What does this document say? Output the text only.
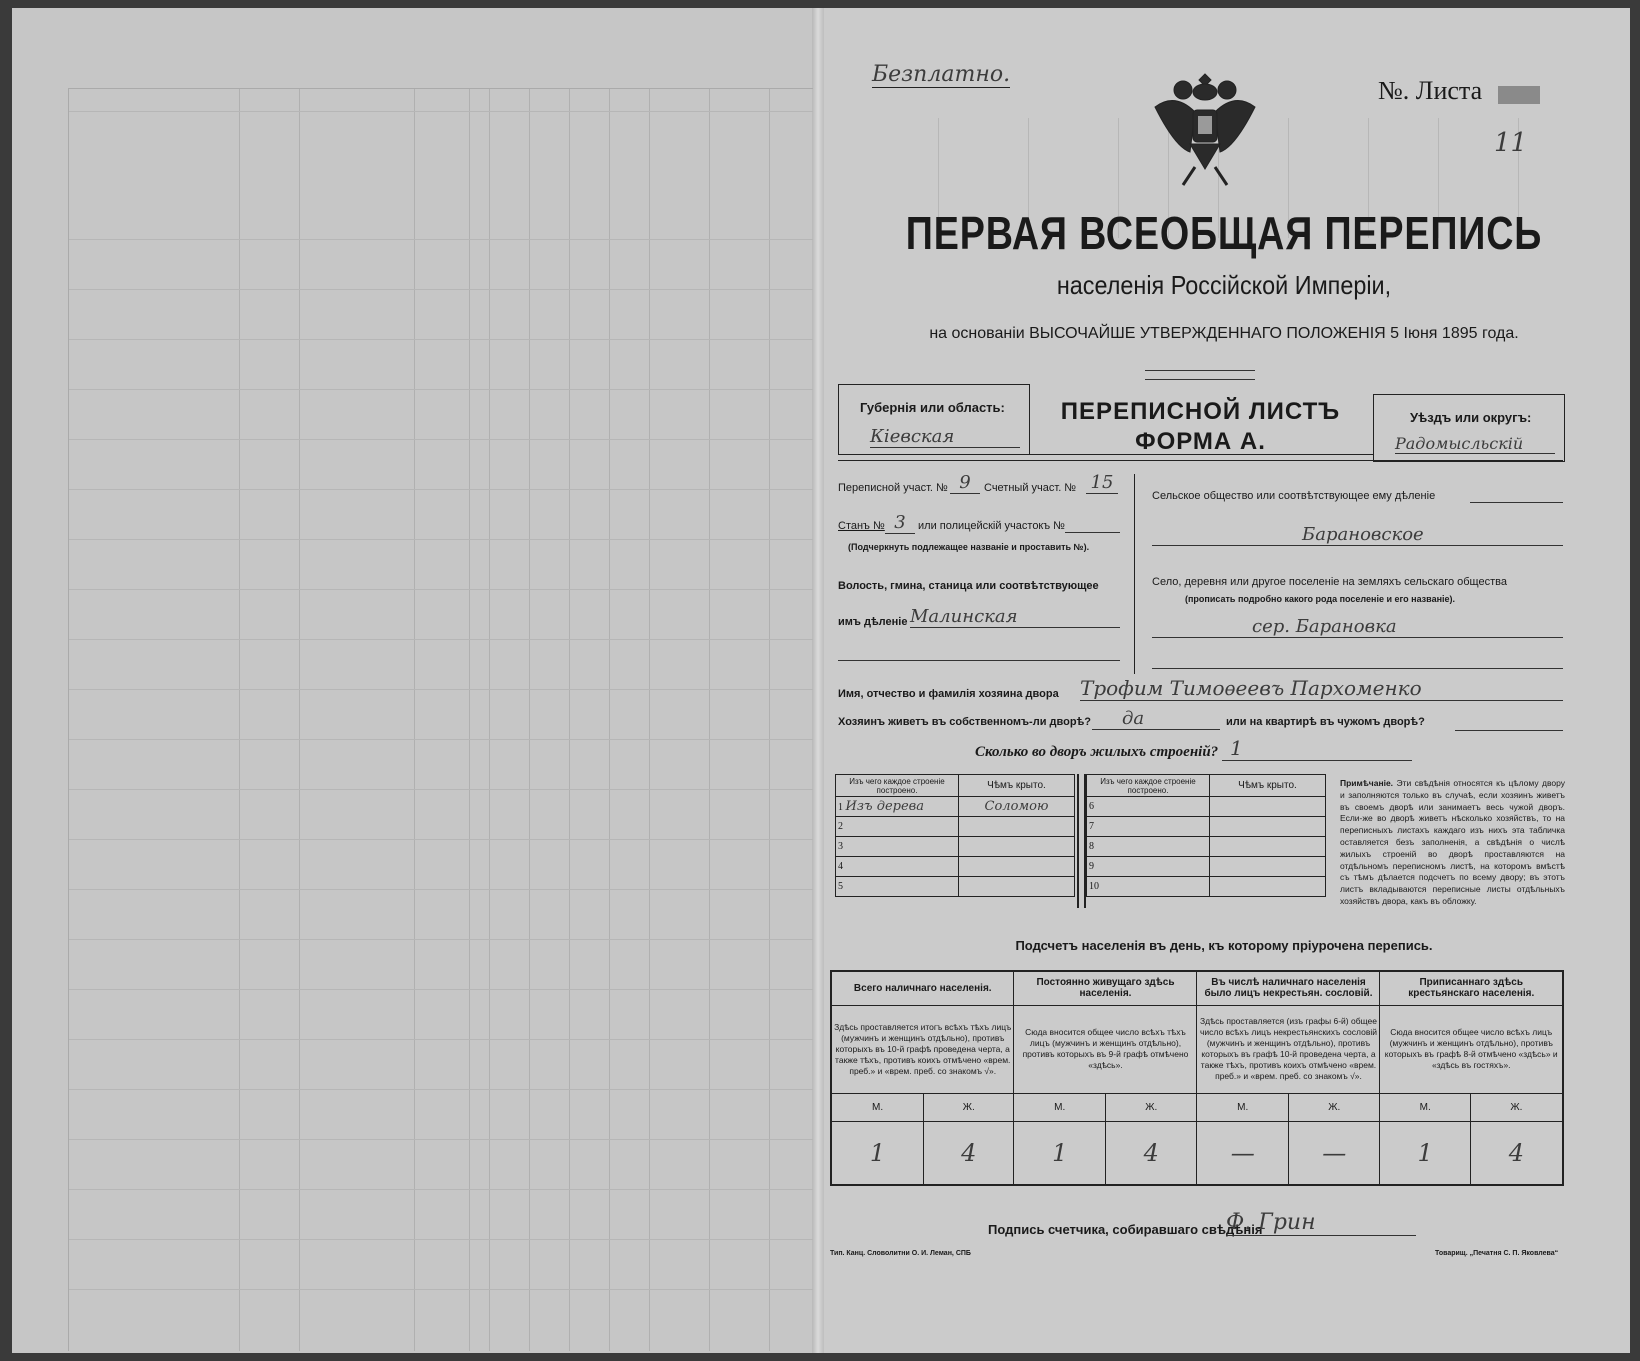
Безплатно.
№. Листа
11
ПЕРВАЯ ВСЕОБЩАЯ ПЕРЕПИСЬ
населенія Россійской Имперіи,
на основаніи ВЫСОЧАЙШЕ УТВЕРЖДЕННАГО ПОЛОЖЕНІЯ 5 Іюня 1895 года.
Губернія или область:
Кіевская
ПЕРЕПИСНОЙ ЛИСТЪ
ФОРМА А.
Уѣздъ или округъ:
Радомысльскій
Переписной участ. № 9	Счетный участ. № 15
Станъ № 3	или полицейскій участокъ №
(Подчеркнуть подлежащее названіе и проставить №).
Волость, гмина, станица или соотвѣтствующее
имъ дѣленіе Малинская
Сельское общество или соотвѣтствующее ему дѣленіе
Барановское
Село, деревня или другое поселеніе на земляхъ сельскаго общества
(прописать подробно какого рода поселеніе и его названіе).
сер. Барановка
Имя, отчество и фамилія хозяина двора Трофим Тимоѳеевъ Пархоменко
Хозяинъ живетъ въ собственномъ-ли дворѣ?	да	или на квартирѣ въ чужомъ дворѣ?
Сколько во дворъ жилыхъ строеній? 1
Изъ чего каждое строеніе построено.	Чѣмъ крыто.
1 Изъ дерева	Соломою
2	
3	
4	
5	
Изъ чего каждое строеніе построено.	Чѣмъ крыто.
6	
7	
8	
9	
10	
Примѣчаніе. Эти свѣдѣнія относятся къ цѣлому двору и заполняются только въ случаѣ, если хозяинъ живетъ въ своемъ дворѣ или занимаетъ весь чужой дворъ. Если-же во дворѣ живетъ нѣсколько хозяйствъ, то на переписныхъ листахъ каждаго изъ нихъ эта табличка оставляется безъ заполненія, а свѣдѣнія о числѣ жилыхъ строеній во дворѣ проставляются на отдѣльномъ переписномъ листѣ, на которомъ вмѣстѣ съ тѣмъ дѣлается подсчетъ по всему двору; въ этотъ листъ вкладываются переписные листы отдѣльныхъ хозяйствъ двора, какъ въ обложку.
Подсчетъ населенія въ день, къ которому пріурочена перепись.
Всего наличнаго населенія.		Постоянно живущаго здѣсь населенія.		Въ числѣ наличнаго населенія было лицъ некрестьян. сословій.		Приписаннаго здѣсь крестьянскаго населенія.	
Здѣсь проставляется итогъ всѣхъ тѣхъ лицъ (мужчинъ и женщинъ отдѣльно), противъ которыхъ въ 10-й графѣ проведена черта, а также тѣхъ, противъ коихъ отмѣчено «врем. преб.» и «врем. преб. со знакомъ √».		Сюда вносится общее число всѣхъ тѣхъ лицъ (мужчинъ и женщинъ отдѣльно), противъ которыхъ въ 9-й графѣ отмѣчено «здѣсь».		Здѣсь проставляется (изъ графы 6-й) общее число всѣхъ лицъ некрестьянскихъ сословій (мужчинъ и женщинъ отдѣльно), противъ которыхъ въ графѣ 10-й проведена черта, а также тѣхъ, противъ коихъ отмѣчено «врем. преб.» и «врем. преб. со знакомъ √».		Сюда вносится общее число всѣхъ лицъ (мужчинъ и женщинъ отдѣльно), противъ которыхъ въ графѣ 8-й отмѣчено «здѣсь» и «здѣсь въ гостяхъ».	
М.	Ж.	М.	Ж.	М.	Ж.	М.	Ж.
1	4	1	4	—	—	1	4
Подпись счетчика, собиравшаго свѣдѣнія
Ф. Грин
Тип. Канц. Словолитни О. И. Леман, СПБ	Товарищ. „Печатня С. П. Яковлева“
